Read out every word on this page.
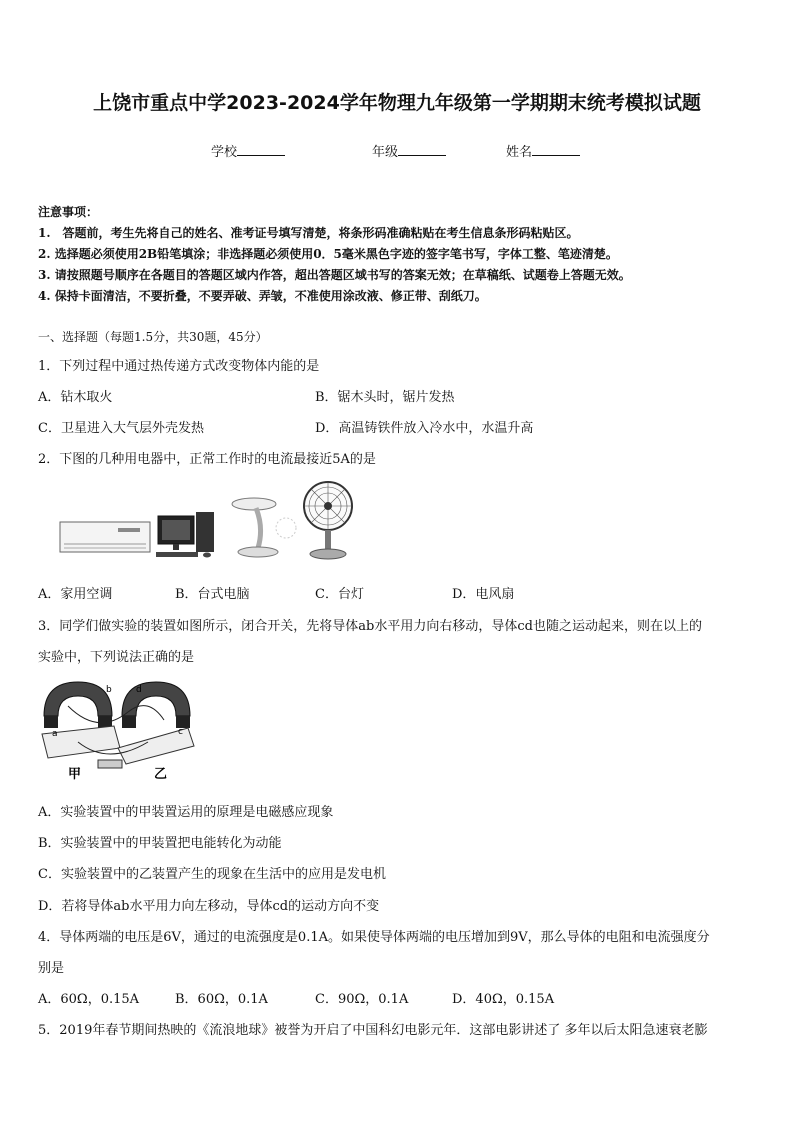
上饶市重点中学2023-2024学年物理九年级第一学期期末统考模拟试题
学校	年级	姓名
注意事项：
1.　答题前，考生先将自己的姓名、准考证号填写清楚，将条形码准确粘贴在考生信息条形码粘贴区。
2. 选择题必须使用2B铅笔填涂；非选择题必须使用0．5毫米黑色字迹的签字笔书写，字体工整、笔迹清楚。
3. 请按照题号顺序在各题目的答题区域内作答，超出答题区域书写的答案无效；在草稿纸、试题卷上答题无效。
4. 保持卡面清洁，不要折叠，不要弄破、弄皱，不准使用涂改液、修正带、刮纸刀。
一、选择题（每题1.5分，共30题，45分）
1．下列过程中通过热传递方式改变物体内能的是
A．钻木取火	B．锯木头时，锯片发热
C．卫星进入大气层外壳发热	D．高温铸铁件放入冷水中，水温升高
2．下图的几种用电器中，正常工作时的电流最接近5A的是
A．家用空调	B．台式电脑	C．台灯	D．电风扇
3．同学们做实验的装置如图所示，闭合开关，先将导体ab水平用力向右移动，导体cd也随之运动起来，则在以上的
实验中，下列说法正确的是
a
b
c
d
甲	乙
A．实验装置中的甲装置运用的原理是电磁感应现象
B．实验装置中的甲装置把电能转化为动能
C．实验装置中的乙装置产生的现象在生活中的应用是发电机
D．若将导体ab水平用力向左移动，导体cd的运动方向不变
4．导体两端的电压是6V，通过的电流强度是0.1A。如果使导体两端的电压增加到9V，那么导体的电阻和电流强度分
别是
A．60Ω，0.15A	B．60Ω，0.1A	C．90Ω，0.1A	D．40Ω，0.15A
5．2019年春节期间热映的《流浪地球》被誉为开启了中国科幻电影元年．这部电影讲述了 多年以后太阳急速衰老膨
